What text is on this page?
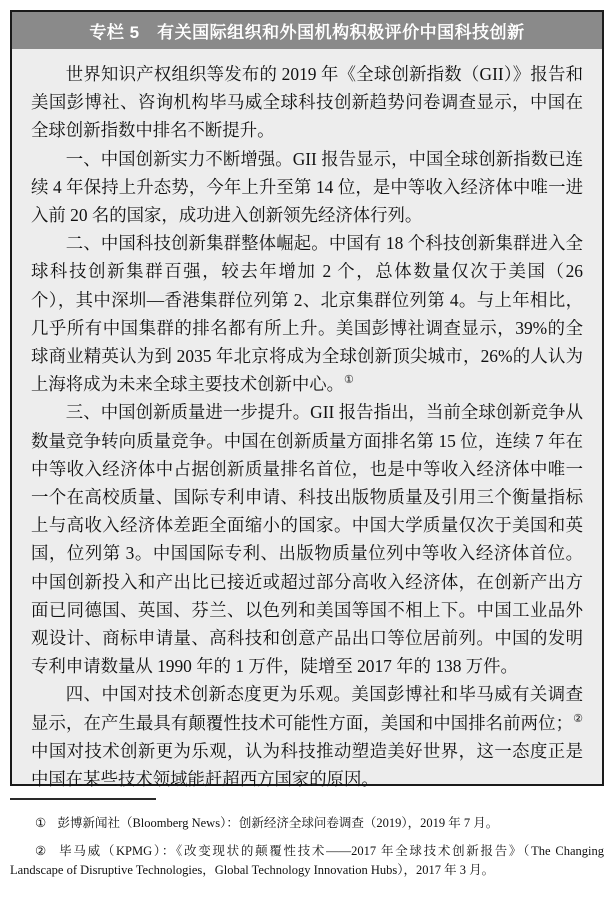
专栏 5　有关国际组织和外国机构积极评价中国科技创新

世界知识产权组织等发布的 2019 年《全球创新指数（GII）》报告和美国彭博社、咨询机构毕马威全球科技创新趋势问卷调查显示，中国在全球创新指数中排名不断提升。

一、中国创新实力不断增强。GII 报告显示，中国全球创新指数已连续 4 年保持上升态势，今年上升至第 14 位，是中等收入经济体中唯一进入前 20 名的国家，成功进入创新领先经济体行列。

二、中国科技创新集群整体崛起。中国有 18 个科技创新集群进入全球科技创新集群百强，较去年增加 2 个，总体数量仅次于美国（26 个），其中深圳—香港集群位列第 2、北京集群位列第 4。与上年相比，几乎所有中国集群的排名都有所上升。美国彭博社调查显示，39%的全球商业精英认为到 2035 年北京将成为全球创新顶尖城市，26%的人认为上海将成为未来全球主要技术创新中心。①

三、中国创新质量进一步提升。GII 报告指出，当前全球创新竞争从数量竞争转向质量竞争。中国在创新质量方面排名第 15 位，连续 7 年在中等收入经济体中占据创新质量排名首位，也是中等收入经济体中唯一一个在高校质量、国际专利申请、科技出版物质量及引用三个衡量指标上与高收入经济体差距全面缩小的国家。中国大学质量仅次于美国和英国，位列第 3。中国国际专利、出版物质量位列中等收入经济体首位。中国创新投入和产出比已接近或超过部分高收入经济体，在创新产出方面已同德国、英国、芬兰、以色列和美国等国不相上下。中国工业品外观设计、商标申请量、高科技和创意产品出口等位居前列。中国的发明专利申请数量从 1990 年的 1 万件，陡增至 2017 年的 138 万件。

四、中国对技术创新态度更为乐观。美国彭博社和毕马威有关调查显示，在产生最具有颠覆性技术可能性方面，美国和中国排名前两位；②中国对技术创新更为乐观，认为科技推动塑造美好世界，这一态度正是中国在某些技术领域能赶超西方国家的原因。

① 彭博新闻社（Bloomberg News）：创新经济全球问卷调查（2019），2019 年 7 月。

② 毕马威（KPMG）：《改变现状的颠覆性技术——2017 年全球技术创新报告》（The Changing Landscape of Disruptive Technologies，Global Technology Innovation Hubs），2017 年 3 月。
